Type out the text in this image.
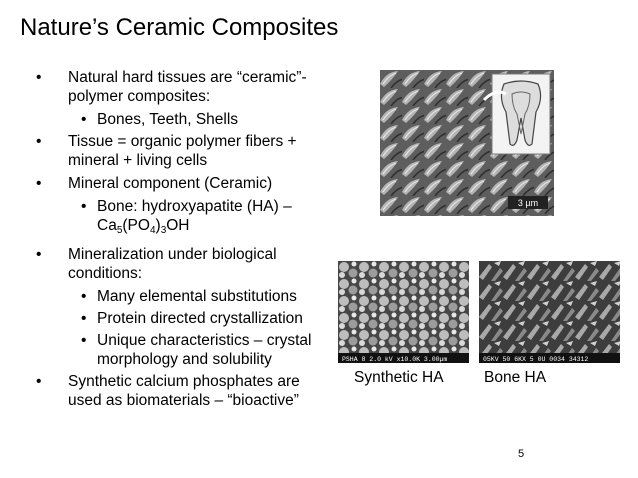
Nature’s Ceramic Composites
• Natural hard tissues are “ceramic”-polymer composites:
• Bones, Teeth, Shells
• Tissue = organic polymer fibers + mineral + living cells
• Mineral component (Ceramic)
• Bone: hydroxyapatite (HA) –
$Ca_5(PO_4)_3OH$
• Mineralization under biological conditions:
• Many elemental substitutions
• Protein directed crystallization
• Unique characteristics – crystal morphology and solubility
• Synthetic calcium phosphates are used as biomaterials – “bioactive”
3 µm
PSHA 8 2.0 kV x10.0K 3.00µm	05KV 50 6KX 5 0U 0034 34312
Synthetic HA	Bone HA
5
